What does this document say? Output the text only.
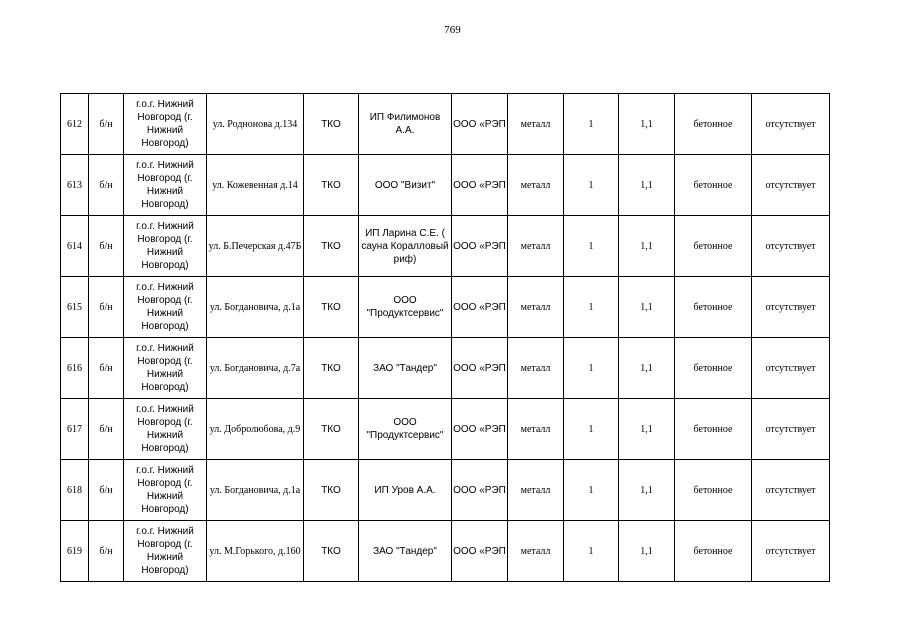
769
612	б/н	г.о.г. Нижний Новгород (г. Нижний Новгород)	ул. Роднонова д.134	ТКО	ИП Филимонов А.А.	ООО «РЭП	металл	1	1,1	бетонное	отсутствует
613	б/н	г.о.г. Нижний Новгород (г. Нижний Новгород)	ул. Кожевенная д.14	ТКО	ООО "Визит"	ООО «РЭП	металл	1	1,1	бетонное	отсутствует
614	б/н	г.о.г. Нижний Новгород (г. Нижний Новгород)	ул. Б.Печерская д.47Б	ТКО	ИП Ларина С.Е. ( сауна Коралловый риф)	ООО «РЭП	металл	1	1,1	бетонное	отсутствует
615	б/н	г.о.г. Нижний Новгород (г. Нижний Новгород)	ул. Богдановича, д.1а	ТКО	ООО "Продуктсервис"	ООО «РЭП	металл	1	1,1	бетонное	отсутствует
616	б/н	г.о.г. Нижний Новгород (г. Нижний Новгород)	ул. Богдановича, д.7а	ТКО	ЗАО "Тандер"	ООО «РЭП	металл	1	1,1	бетонное	отсутствует
617	б/н	г.о.г. Нижний Новгород (г. Нижний Новгород)	ул. Добролюбова, д.9	ТКО	ООО "Продуктсервис"	ООО «РЭП	металл	1	1,1	бетонное	отсутствует
618	б/н	г.о.г. Нижний Новгород (г. Нижний Новгород)	ул. Богдановича, д.1а	ТКО	ИП Уров А.А.	ООО «РЭП	металл	1	1,1	бетонное	отсутствует
619	б/н	г.о.г. Нижний Новгород (г. Нижний Новгород)	ул. М.Горького, д.160	ТКО	ЗАО "Тандер"	ООО «РЭП	металл	1	1,1	бетонное	отсутствует
